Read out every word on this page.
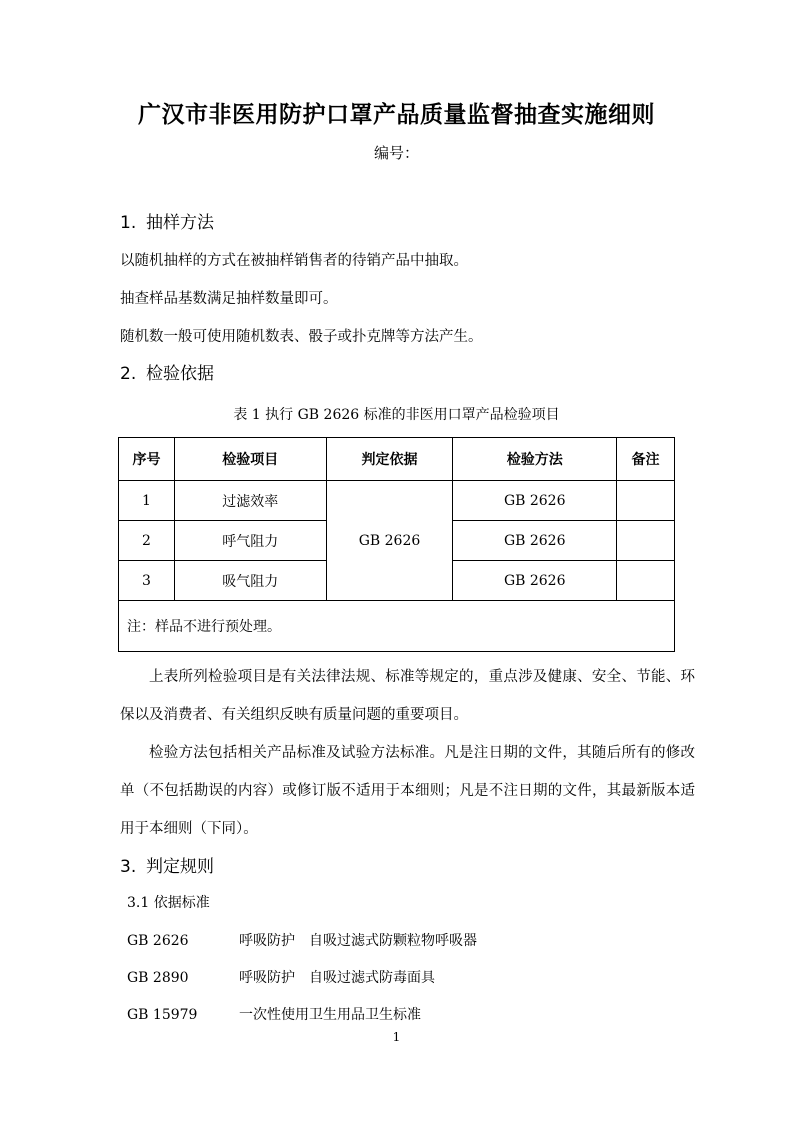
广汉市非医用防护口罩产品质量监督抽查实施细则
编号：
1. 抽样方法
以随机抽样的方式在被抽样销售者的待销产品中抽取。
抽查样品基数满足抽样数量即可。
随机数一般可使用随机数表、骰子或扑克牌等方法产生。
2. 检验依据
表 1 执行 GB 2626 标准的非医用口罩产品检验项目
序号	检验项目	判定依据	检验方法	备注
1	过滤效率	GB 2626	GB 2626	
2	呼气阻力		GB 2626	
3	吸气阻力		GB 2626	
注：样品不进行预处理。				

上表所列检验项目是有关法律法规、标准等规定的，重点涉及健康、安全、节能、环保以及消费者、有关组织反映有质量问题的重要项目。

检验方法包括相关产品标准及试验方法标准。凡是注日期的文件，其随后所有的修改单（不包括勘误的内容）或修订版不适用于本细则；凡是不注日期的文件，其最新版本适用于本细则（下同）。

3. 判定规则
3.1 依据标准
GB 2626	呼吸防护　自吸过滤式防颗粒物呼吸器
GB 2890	呼吸防护　自吸过滤式防毒面具
GB 15979	一次性使用卫生用品卫生标准
1
